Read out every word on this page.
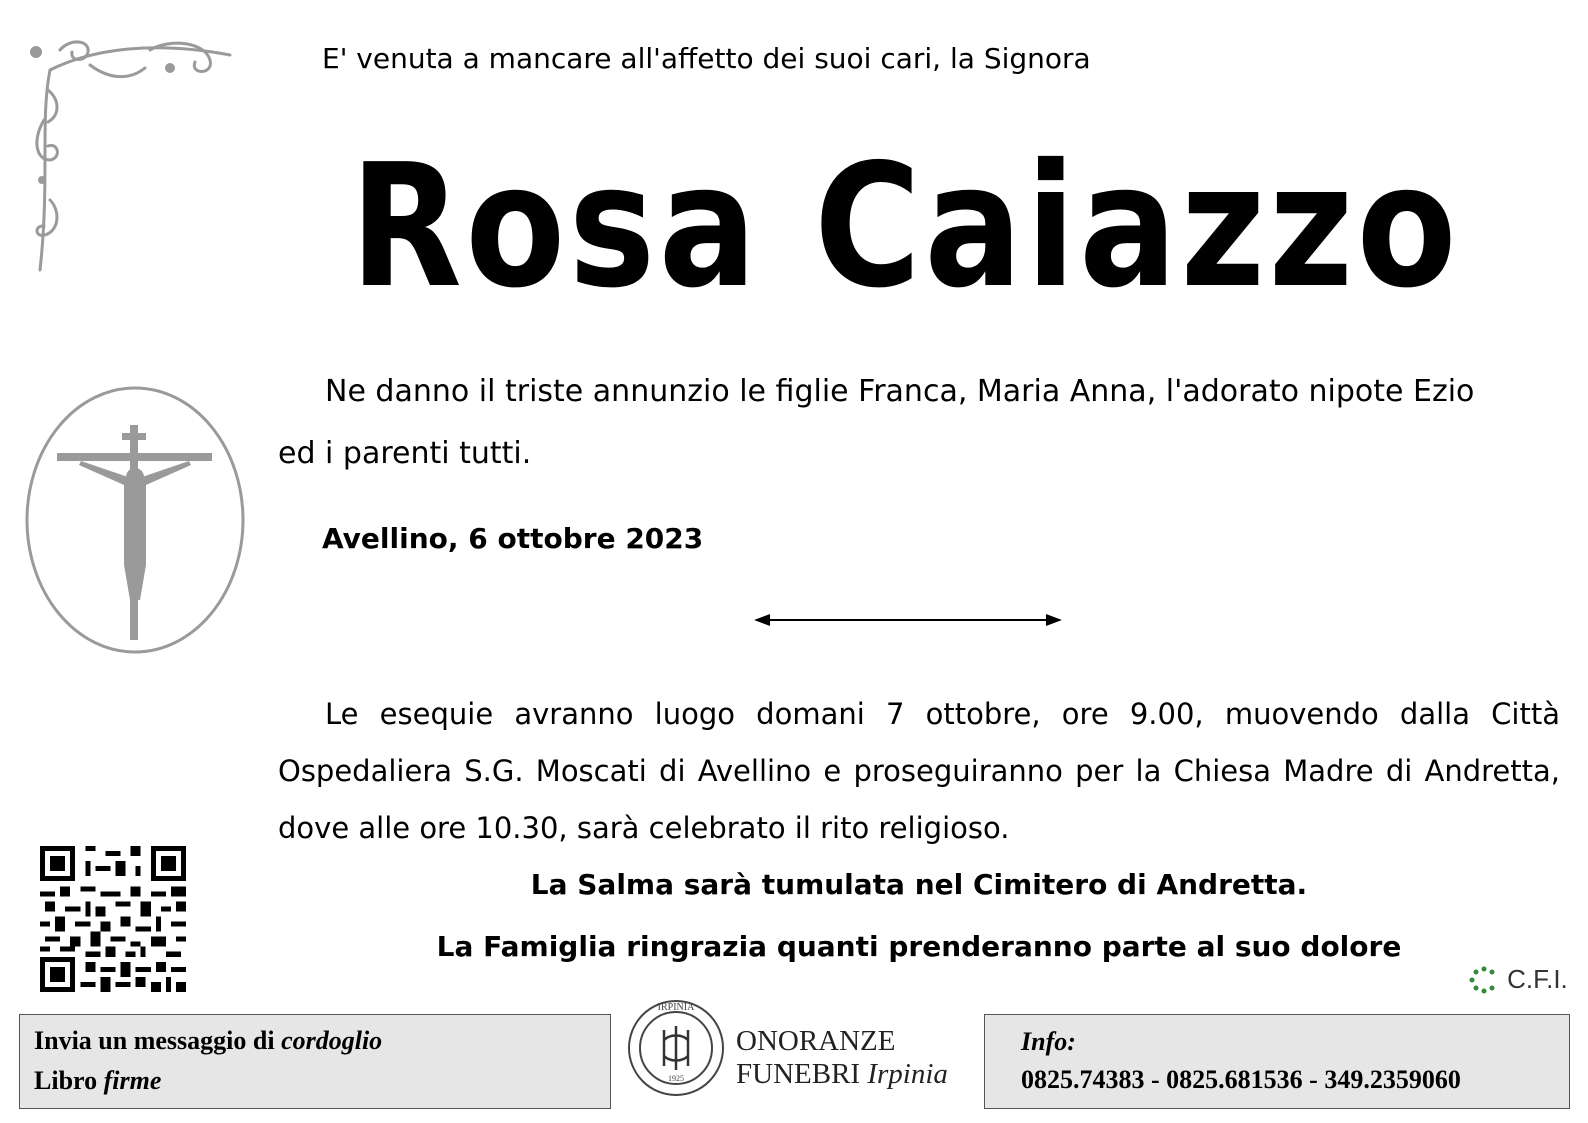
E' venuta a mancare all'affetto dei suoi cari, la Signora
Rosa Caiazzo
Ne danno il triste annunzio le figlie Franca, Maria Anna, l'adorato nipote Ezio
ed i parenti tutti.
Avellino, 6 ottobre 2023
Le esequie avranno luogo domani 7 ottobre, ore 9.00, muovendo dalla Città
Ospedaliera S.G. Moscati di Avellino e proseguiranno per la Chiesa Madre di Andretta,
dove alle ore 10.30, sarà celebrato il rito religioso.
La Salma sarà tumulata nel Cimitero di Andretta.
La Famiglia ringrazia quanti prenderanno parte al suo dolore
C.F.I.
Invia un messaggio di cordoglio
Libro firme
IRPINIA
1925
ONORANZE
FUNEBRI Irpinia
Info:
0825.74383 - 0825.681536 - 349.2359060
